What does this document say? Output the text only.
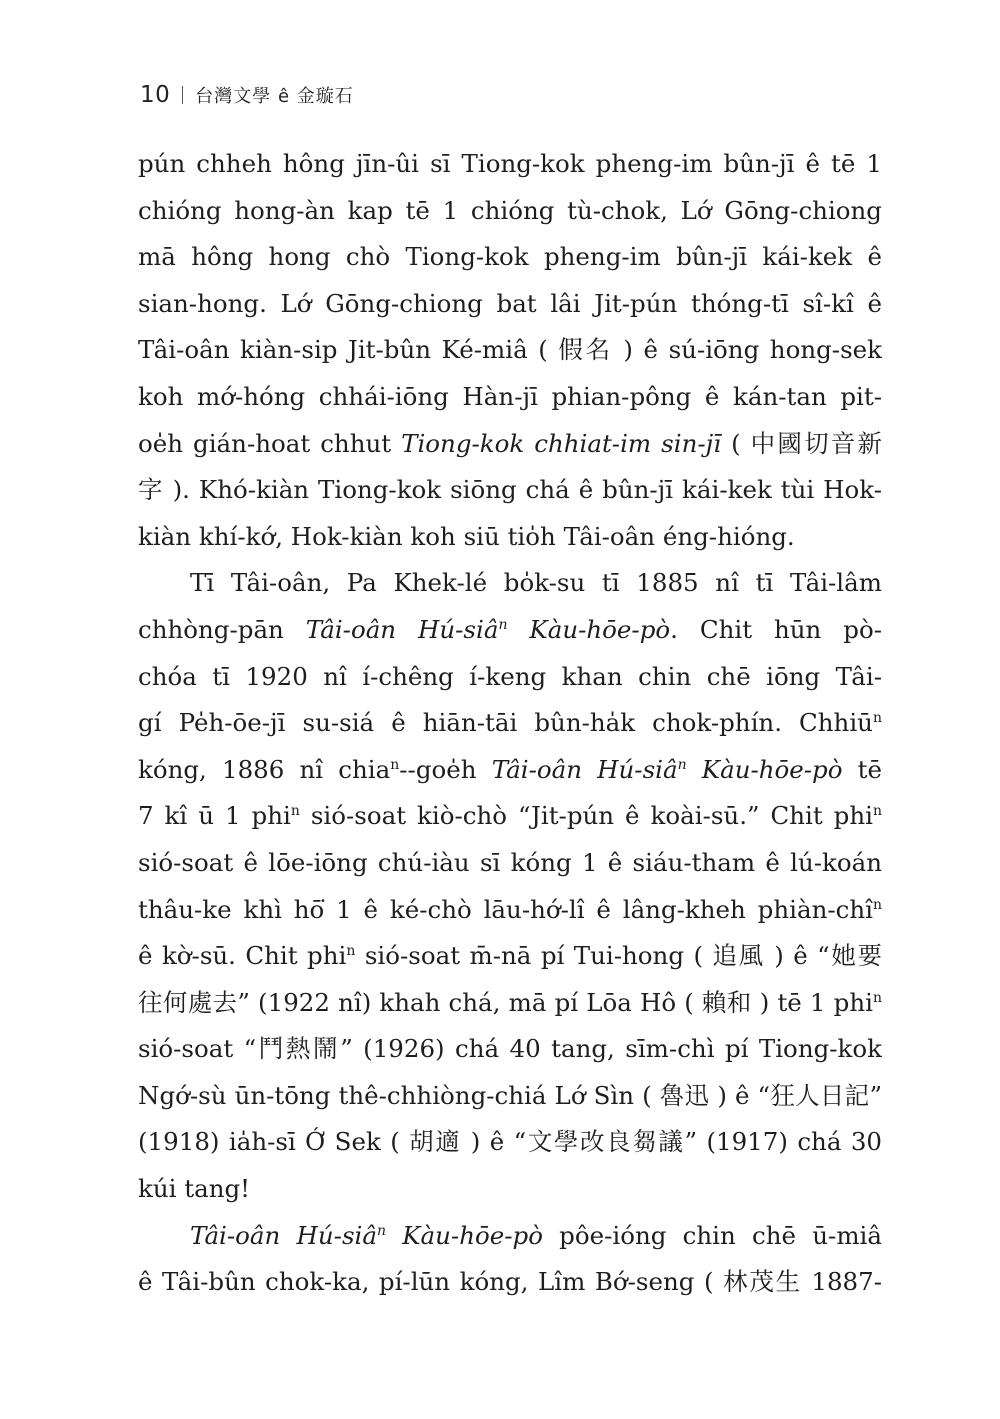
10 台灣文學 ê 金璇石
pún chheh hông jīn-ûi sī Tiong-kok pheng-im bûn-jī ê tē 1
chióng hong-àn kap tē 1 chióng tù-chok, Lớ Gōng-chiong
mā hông hong chò Tiong-kok pheng-im bûn-jī kái-kek ê
sian-hong. Lớ Gōng-chiong bat lâi Jit-pún thóng-tī sî-kî ê
Tâi-oân kiàn-sip Jit-bûn Ké-miâ ( 假名 ) ê sú-iōng hong-sek
koh mớ-hóng chhái-iōng Hàn-jī phian-pông ê kán-tan pit-
oe̍h gián-hoat chhut Tiong-kok chhiat-im sin-jī ( 中國切音新
字 ). Khó-kiàn Tiong-kok siōng chá ê bûn-jī kái-kek tùi Hok-
kiàn khí-kớ, Hok-kiàn koh siū tio̍h Tâi-oân éng-hióng.
Tī Tâi-oân, Pa Khek-lé bo̍k-su tī 1885 nî tī Tâi-lâm
chhòng-pān Tâi-oân Hú-siâ$^n$ Kàu-hōe-pò. Chit hūn pò-
chóa tī 1920 nî í-chêng í-keng khan chin chē iōng Tâi-
gí Pe̍h-ōe-jī su-siá ê hiān-tāi bûn-ha̍k chok-phín. Chhiū$^n$
kóng, 1886 nî chia$^n$--goe̍h Tâi-oân Hú-siâ$^n$ Kàu-hōe-pò tē
7 kî ū 1 phi$^n$ sió-soat kiò-chò “Jit-pún ê koài-sū.” Chit phi$^n$
sió-soat ê lōe-iōng chú-iàu sī kóng 1 ê siáu-tham ê lú-koán
thâu-ke khì hō͘ 1 ê ké-chò lāu-hớ-lî ê lâng-kheh phiàn-chî$^n$
ê kờ-sū. Chit phi$^n$ sió-soat m̄-nā pí Tui-hong ( 追風 ) ê “她要
往何處去” (1922 nî) khah chá, mā pí Lōa Hô ( 賴和 ) tē 1 phi$^n$
sió-soat “鬥熱鬧” (1926) chá 40 tang, sīm-chì pí Tiong-kok
Ngớ-sù ūn-tōng thê-chhiòng-chiá Lớ Sìn ( 魯迅 ) ê “狂人日記”
(1918) ia̍h-sī Ớ Sek ( 胡適 ) ê “文學改良芻議” (1917) chá 30
kúi tang!
Tâi-oân Hú-siâ$^n$ Kàu-hōe-pò pôe-ióng chin chē ū-miâ
ê Tâi-bûn chok-ka, pí-lūn kóng, Lîm Bớ-seng ( 林茂生 1887-
